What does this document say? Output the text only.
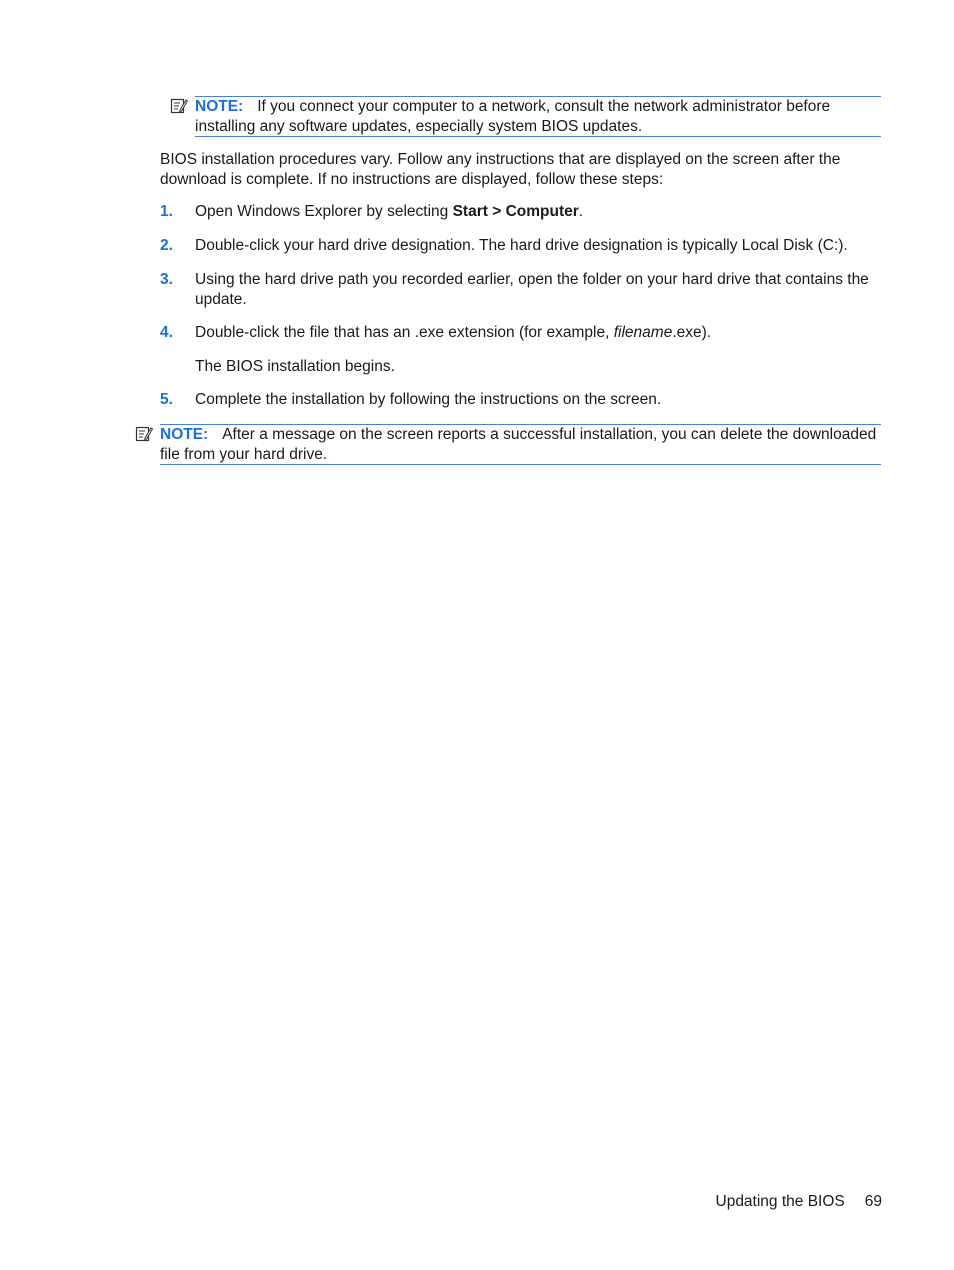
NOTE: If you connect your computer to a network, consult the network administrator before installing any software updates, especially system BIOS updates.
BIOS installation procedures vary. Follow any instructions that are displayed on the screen after the download is complete. If no instructions are displayed, follow these steps:
1. Open Windows Explorer by selecting Start > Computer.
2. Double-click your hard drive designation. The hard drive designation is typically Local Disk (C:).
3. Using the hard drive path you recorded earlier, open the folder on your hard drive that contains the update.
4. Double-click the file that has an .exe extension (for example, filename.exe).
The BIOS installation begins.
5. Complete the installation by following the instructions on the screen.
NOTE: After a message on the screen reports a successful installation, you can delete the downloaded file from your hard drive.
Updating the BIOS 69
